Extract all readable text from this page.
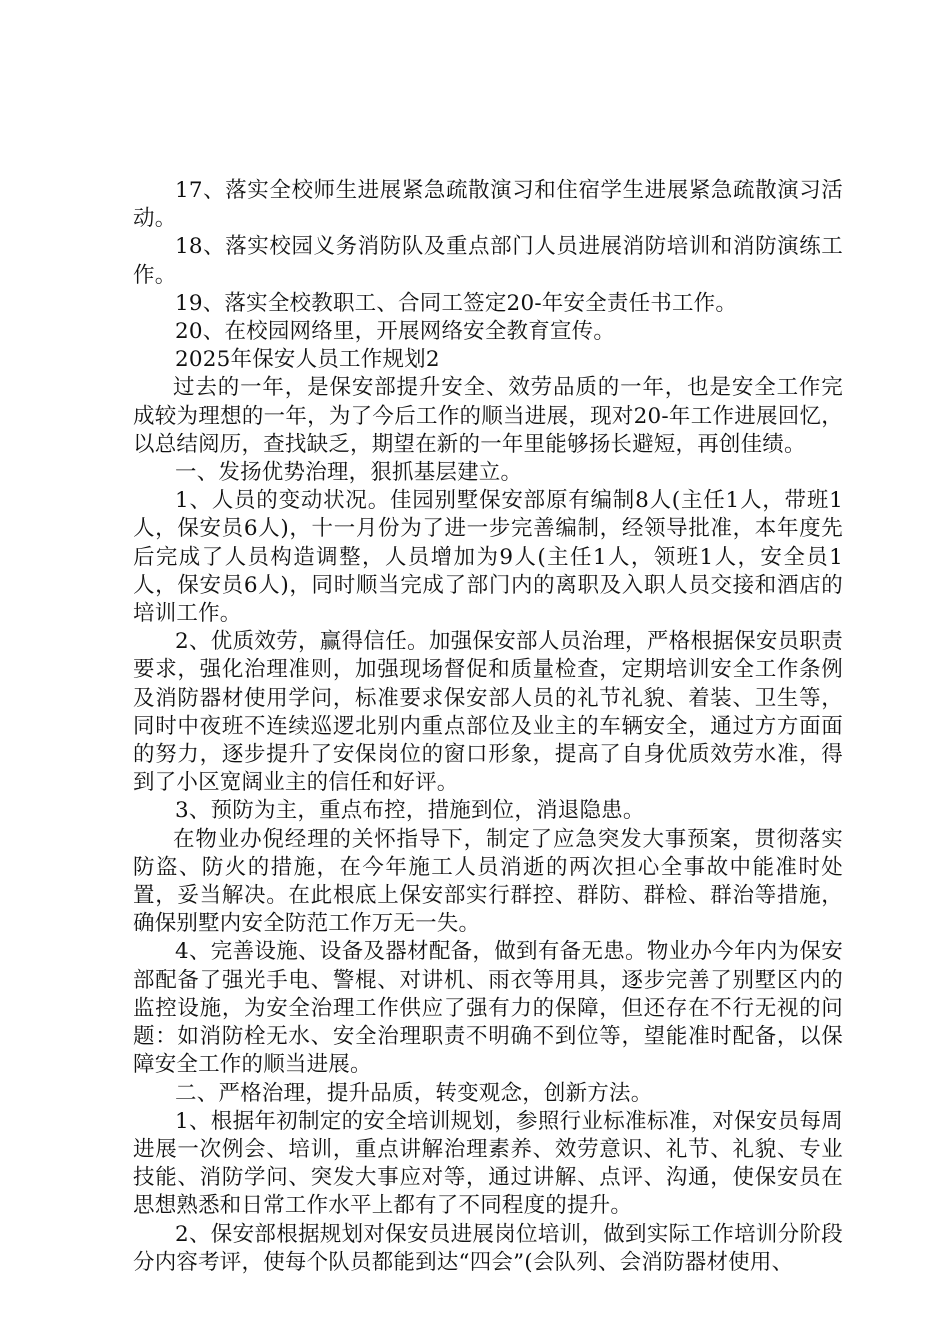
17、落实全校师生进展紧急疏散演习和住宿学生进展紧急疏散演习活动。

18、落实校园义务消防队及重点部门人员进展消防培训和消防演练工作。

19、落实全校教职工、合同工签定20-年安全责任书工作。

20、在校园网络里，开展网络安全教育宣传。

2025年保安人员工作规划2

过去的一年，是保安部提升安全、效劳品质的一年，也是安全工作完成较为理想的一年，为了今后工作的顺当进展，现对20-年工作进展回忆，以总结阅历，查找缺乏，期望在新的一年里能够扬长避短，再创佳绩。

一、发扬优势治理，狠抓基层建立。

1、人员的变动状况。佳园别墅保安部原有编制8人(主任1人，带班1人，保安员6人)，十一月份为了进一步完善编制，经领导批准，本年度先后完成了人员构造调整，人员增加为9人(主任1人，领班1人，安全员1人，保安员6人)，同时顺当完成了部门内的离职及入职人员交接和酒店的培训工作。

2、优质效劳，赢得信任。加强保安部人员治理，严格根据保安员职责要求，强化治理准则，加强现场督促和质量检查，定期培训安全工作条例及消防器材使用学问，标准要求保安部人员的礼节礼貌、着装、卫生等，同时中夜班不连续巡逻北别内重点部位及业主的车辆安全，通过方方面面的努力，逐步提升了安保岗位的窗口形象，提高了自身优质效劳水准，得到了小区宽阔业主的信任和好评。

3、预防为主，重点布控，措施到位，消退隐患。

在物业办倪经理的关怀指导下，制定了应急突发大事预案，贯彻落实防盗、防火的措施，在今年施工人员消逝的两次担心全事故中能准时处置，妥当解决。在此根底上保安部实行群控、群防、群检、群治等措施，确保别墅内安全防范工作万无一失。

4、完善设施、设备及器材配备，做到有备无患。物业办今年内为保安部配备了强光手电、警棍、对讲机、雨衣等用具，逐步完善了别墅区内的监控设施，为安全治理工作供应了强有力的保障，但还存在不行无视的问题：如消防栓无水、安全治理职责不明确不到位等，望能准时配备，以保障安全工作的顺当进展。

二、严格治理，提升品质，转变观念，创新方法。

1、根据年初制定的安全培训规划，参照行业标准标准，对保安员每周进展一次例会、培训，重点讲解治理素养、效劳意识、礼节、礼貌、专业技能、消防学问、突发大事应对等，通过讲解、点评、沟通，使保安员在思想熟悉和日常工作水平上都有了不同程度的提升。

2、保安部根据规划对保安员进展岗位培训，做到实际工作培训分阶段分内容考评，使每个队员都能到达“四会”(会队列、会消防器材使用、
